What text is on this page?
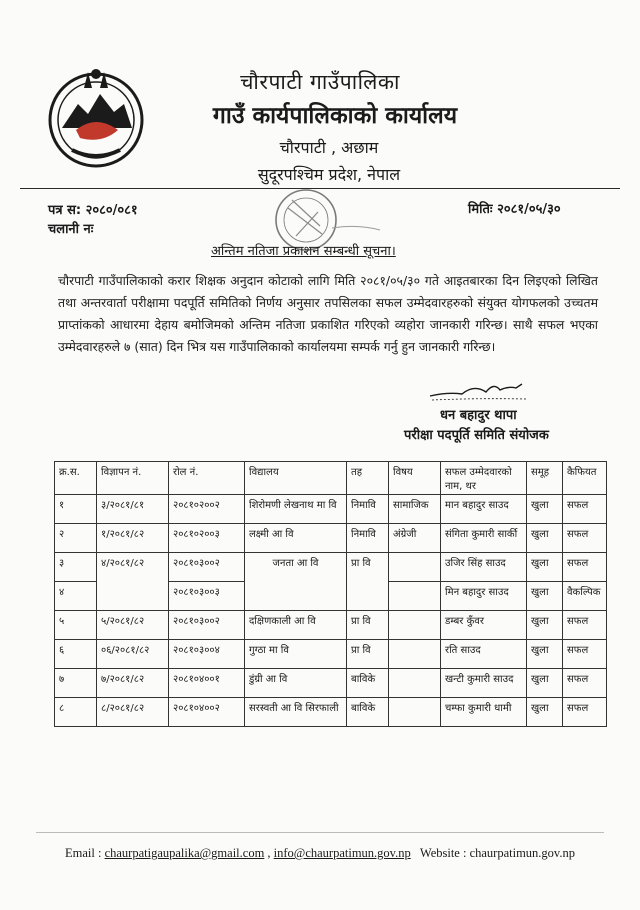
चौरपाटी गाउँपालिका
गाउँ कार्यपालिकाको कार्यालय
चौरपाटी , अछाम
सुदूरपश्चिम प्रदेश, नेपाल
पत्र स: २०८०/०८१
चलानी नः
मितिः २०८१/०५/३०
अन्तिम नतिजा प्रकाशन सम्बन्धी सूचना।
चौरपाटी गाउँपालिकाको करार शिक्षक अनुदान कोटाको लागि मिति २०८१/०५/३० गते आइतबारका दिन लिइएको लिखित तथा अन्तरवार्ता परीक्षामा पदपूर्ति समितिको निर्णय अनुसार तपसिलका सफल उम्मेदवारहरुको संयुक्त योगफलको उच्चतम प्राप्तांकको आधारमा देहाय बमोजिमको अन्तिम नतिजा प्रकाशित गरिएको व्यहोरा जानकारी गरिन्छ। साथै सफल भएका उम्मेदवारहरुले ७ (सात) दिन भित्र यस गाउँपालिकाको कार्यालयमा सम्पर्क गर्नु हुन जानकारी गरिन्छ।
धन बहादुर थापा
परीक्षा पदपूर्ति समिति संयोजक
क्र.स.	विज्ञापन नं.	रोल नं.	विद्यालय	तह	विषय	सफल उम्मेदवारको नाम, थर	समूह	कैफियत
१	३/२०८१/८१	२०८१०२००२	शिरोमणी लेखनाथ मा वि	निमावि	सामाजिक	मान बहादुर साउद	खुला	सफल
२	१/२०८१/८२	२०८१०२००३	लक्ष्मी आ वि	निमावि	अंग्रेजी	संगिता कुमारी सार्की	खुला	सफल
३	४/२०८१/८२	२०८१०३००२	जनता आ वि	प्रा वि		उजिर सिंह साउद	खुला	सफल
४		२०८१०३००३				मिन बहादुर साउद	खुला	वैकल्पिक
५	५/२०८१/८२	२०८१०३००२	दक्षिणकाली आ वि	प्रा वि		डम्बर कुँवर	खुला	सफल
६	०६/२०८१/८२	२०८१०३००४	गुग्ठा मा वि	प्रा वि		रति साउद	खुला	सफल
७	७/२०८१/८२	२०८१०४००१	डुंग्री आ वि	बाविके		खन्टी कुमारी साउद	खुला	सफल
८	८/२०८१/८२	२०८१०४००२	सरस्वती आ वि सिरफाली	बाविके		चम्फा कुमारी धामी	खुला	सफल
Email : chaurpatigaupalika@gmail.com , info@chaurpatimun.gov.np Website : chaurpatimun.gov.np
